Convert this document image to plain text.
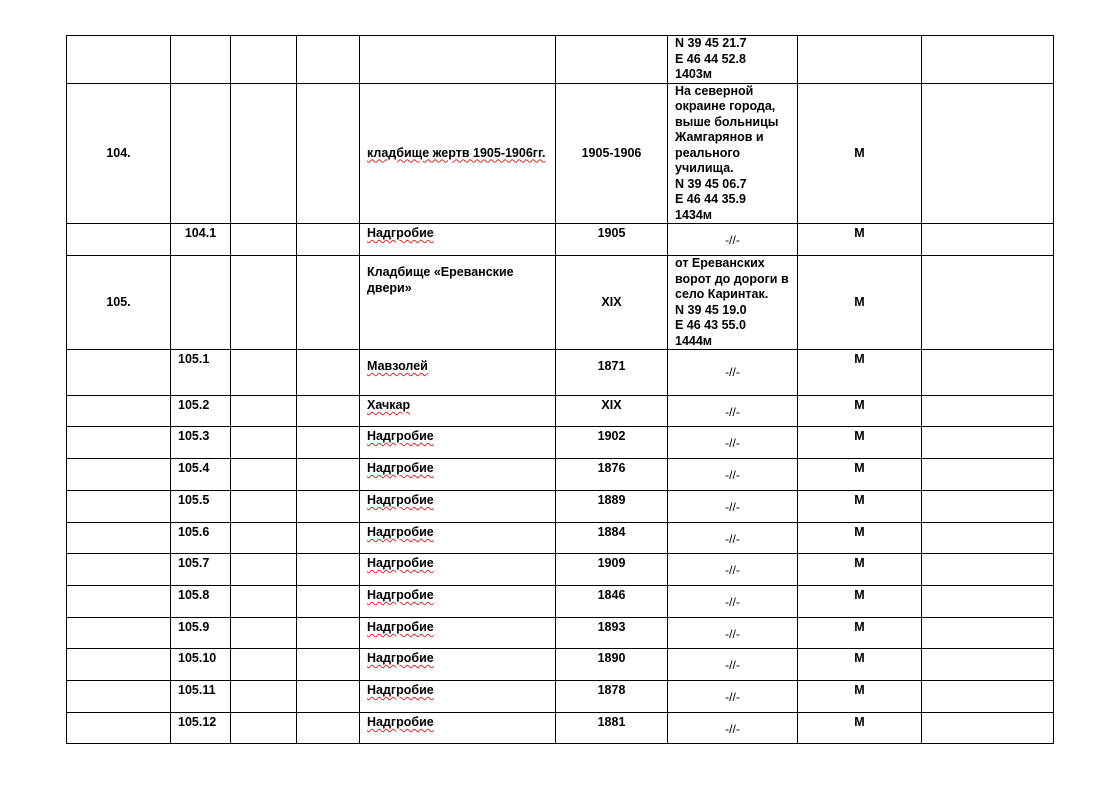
						N 39 45 21.7
E 46 44 52.8
1403м		
104.				кладбище жертв 1905-1906гг.	1905-1906	На северной окраине города, выше больницы Жамгарянов и реального училища.
N 39 45 06.7
E 46 44 35.9
1434м	М	
	104.1			Надгробие	1905	-//-	М	
105.				Кладбище «Ереванские двери»	XIX	от Ереванских ворот до дороги в село Каринтак.
N 39 45 19.0
E 46 43 55.0
1444м	М	
	105.1			Мавзолей	1871	-//-	М	
	105.2			Хачкар	XIX	-//-	М	
	105.3			Надгробие	1902	-//-	М	
	105.4			Надгробие	1876	-//-	М	
	105.5			Надгробие	1889	-//-	М	
	105.6			Надгробие	1884	-//-	М	
	105.7			Надгробие	1909	-//-	М	
	105.8			Надгробие	1846	-//-	М	
	105.9			Надгробие	1893	-//-	М	
	105.10			Надгробие	1890	-//-	М	
	105.11			Надгробие	1878	-//-	М	
	105.12			Надгробие	1881	-//-	М	
